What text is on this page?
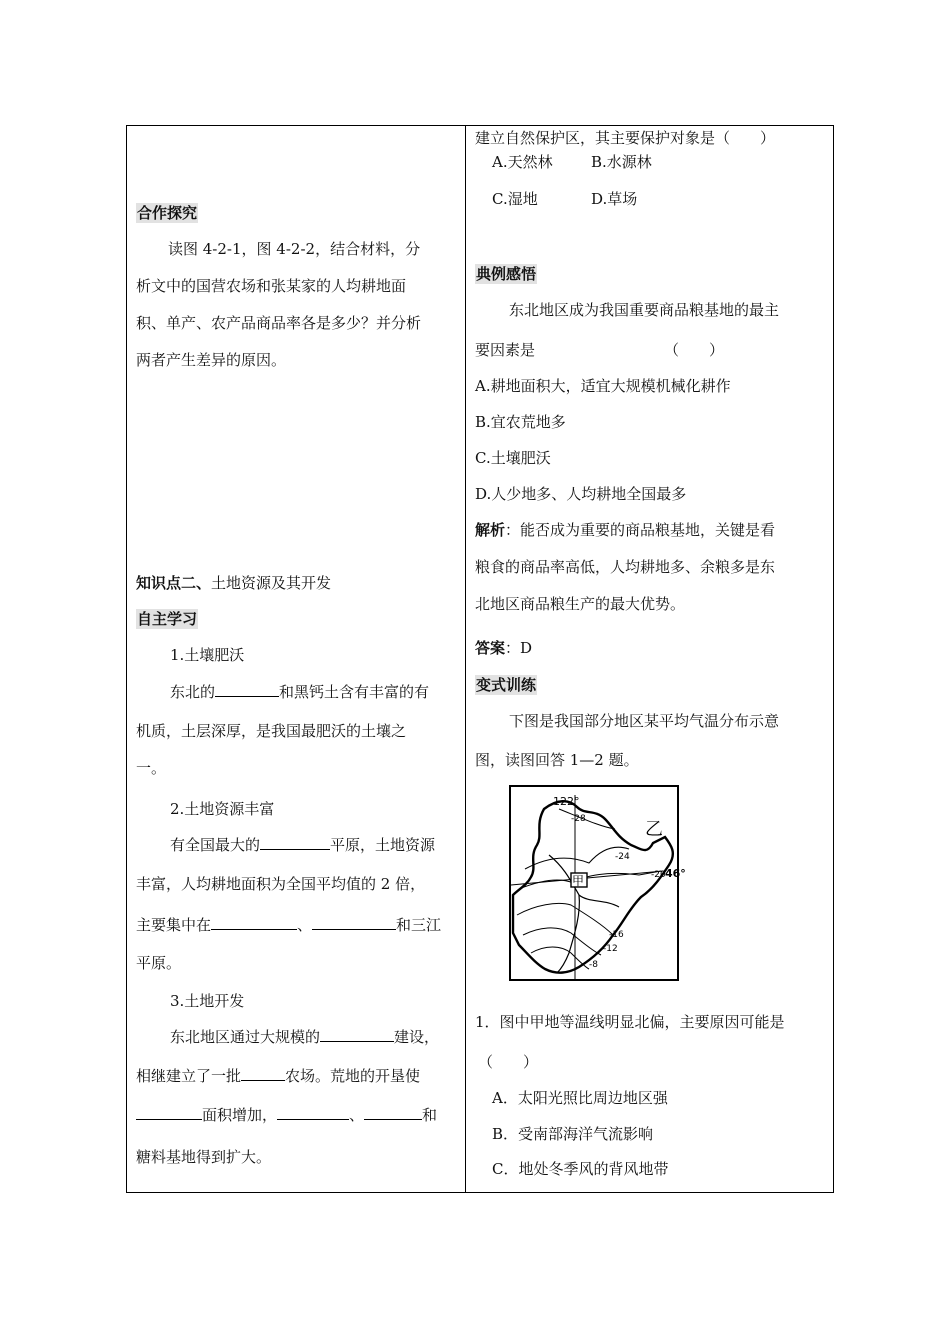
合作探究
读图 4-2-1，图 4-2-2，结合材料，分
析文中的国营农场和张某家的人均耕地面
积、单产、农产品商品率各是多少？并分析
两者产生差异的原因。
知识点二、土地资源及其开发
自主学习
1.土壤肥沃
东北的	和黑钙土含有丰富的有
机质，土层深厚，是我国最肥沃的土壤之
一。
2.土地资源丰富
有全国最大的	平原，土地资源
丰富，人均耕地面积为全国平均值的 2 倍，
主要集中在	、	和三江
平原。
3.土地开发
东北地区通过大规模的	建设，
相继建立了一批	农场。荒地的开垦使
面积增加，	、	和
糖料基地得到扩大。
建立自然保护区，其主要保护对象是（　　）
A.天然林	B.水源林
C.湿地	D.草场
典例感悟
东北地区成为我国重要商品粮基地的最主
要因素是	（　　）
A.耕地面积大，适宜大规模机械化耕作
B.宜农荒地多
C.土壤肥沃
D.人少地多、人均耕地全国最多
解析：能否成为重要的商品粮基地，关键是看
粮食的商品率高低，人均耕地多、余粮多是东
北地区商品粮生产的最大优势。
答案：D
变式训练
下图是我国部分地区某平均气温分布示意
图，读图回答 1—2 题。
122°
-28
-24
-20
-16
-12
-8
46°
甲
乙
1．图中甲地等温线明显北偏，主要原因可能是
（　　）
A．太阳光照比周边地区强
B．受南部海洋气流影响
C．地处冬季风的背风地带
